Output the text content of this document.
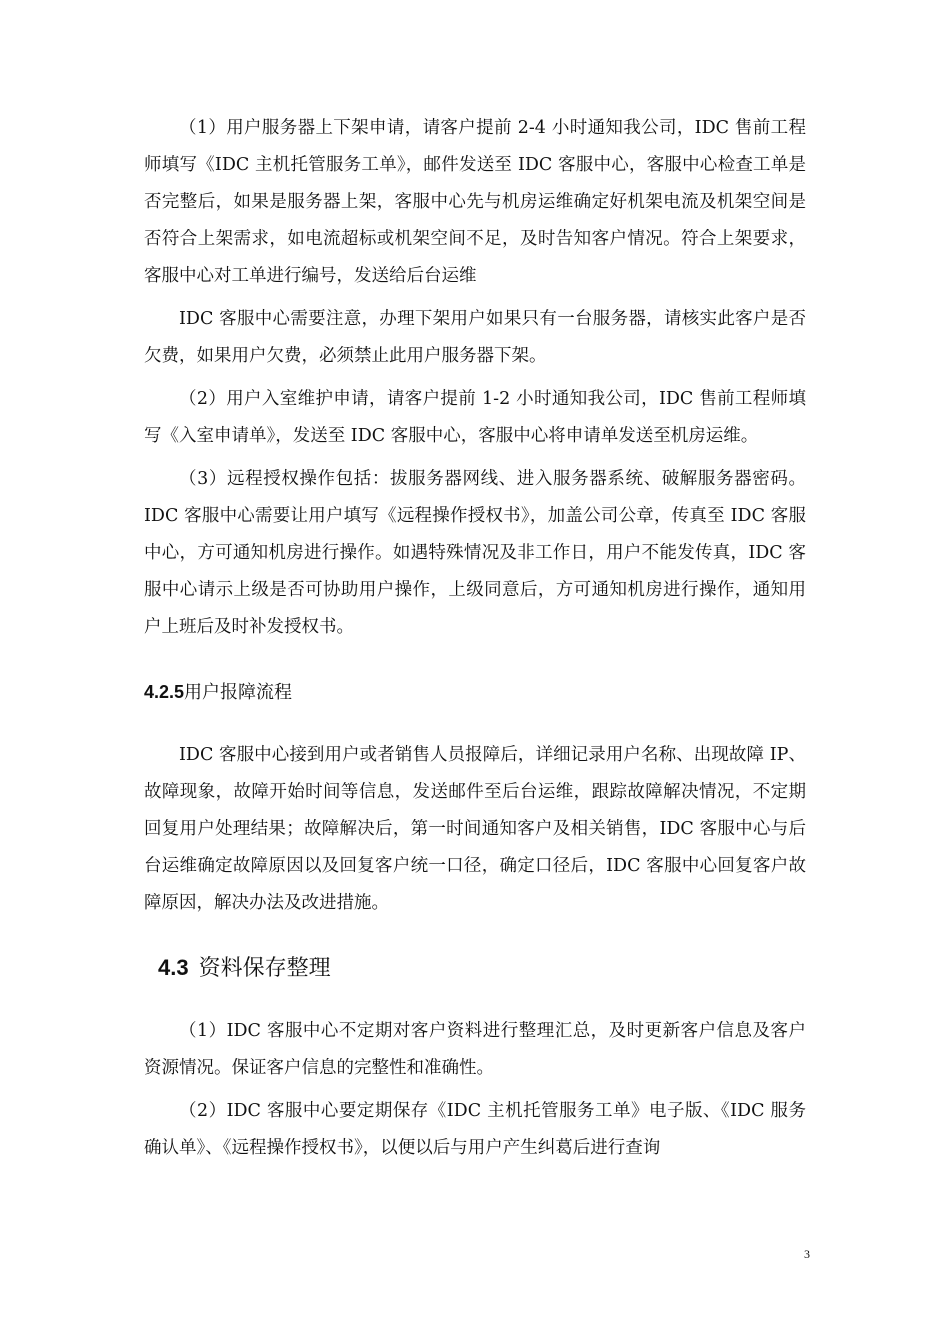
（1）用户服务器上下架申请，请客户提前 2-4 小时通知我公司，IDC 售前工程师填写《IDC 主机托管服务工单》，邮件发送至 IDC 客服中心，客服中心检查工单是否完整后，如果是服务器上架，客服中心先与机房运维确定好机架电流及机架空间是否符合上架需求，如电流超标或机架空间不足，及时告知客户情况。符合上架要求，客服中心对工单进行编号，发送给后台运维

IDC 客服中心需要注意，办理下架用户如果只有一台服务器，请核实此客户是否欠费，如果用户欠费，必须禁止此用户服务器下架。

（2）用户入室维护申请，请客户提前 1-2 小时通知我公司，IDC 售前工程师填写《入室申请单》，发送至 IDC 客服中心，客服中心将申请单发送至机房运维。

（3）远程授权操作包括：拔服务器网线、进入服务器系统、破解服务器密码。IDC 客服中心需要让用户填写《远程操作授权书》，加盖公司公章，传真至 IDC 客服中心，方可通知机房进行操作。如遇特殊情况及非工作日，用户不能发传真，IDC 客服中心请示上级是否可协助用户操作，上级同意后，方可通知机房进行操作，通知用户上班后及时补发授权书。

4.2.5用户报障流程

IDC 客服中心接到用户或者销售人员报障后，详细记录用户名称、出现故障 IP、故障现象，故障开始时间等信息，发送邮件至后台运维，跟踪故障解决情况，不定期回复用户处理结果；故障解决后，第一时间通知客户及相关销售，IDC 客服中心与后台运维确定故障原因以及回复客户统一口径，确定口径后，IDC 客服中心回复客户故障原因，解决办法及改进措施。

4.3 资料保存整理

（1）IDC 客服中心不定期对客户资料进行整理汇总，及时更新客户信息及客户资源情况。保证客户信息的完整性和准确性。

（2）IDC 客服中心要定期保存《IDC 主机托管服务工单》电子版、《IDC 服务确认单》、《远程操作授权书》，以便以后与用户产生纠葛后进行查询

3
